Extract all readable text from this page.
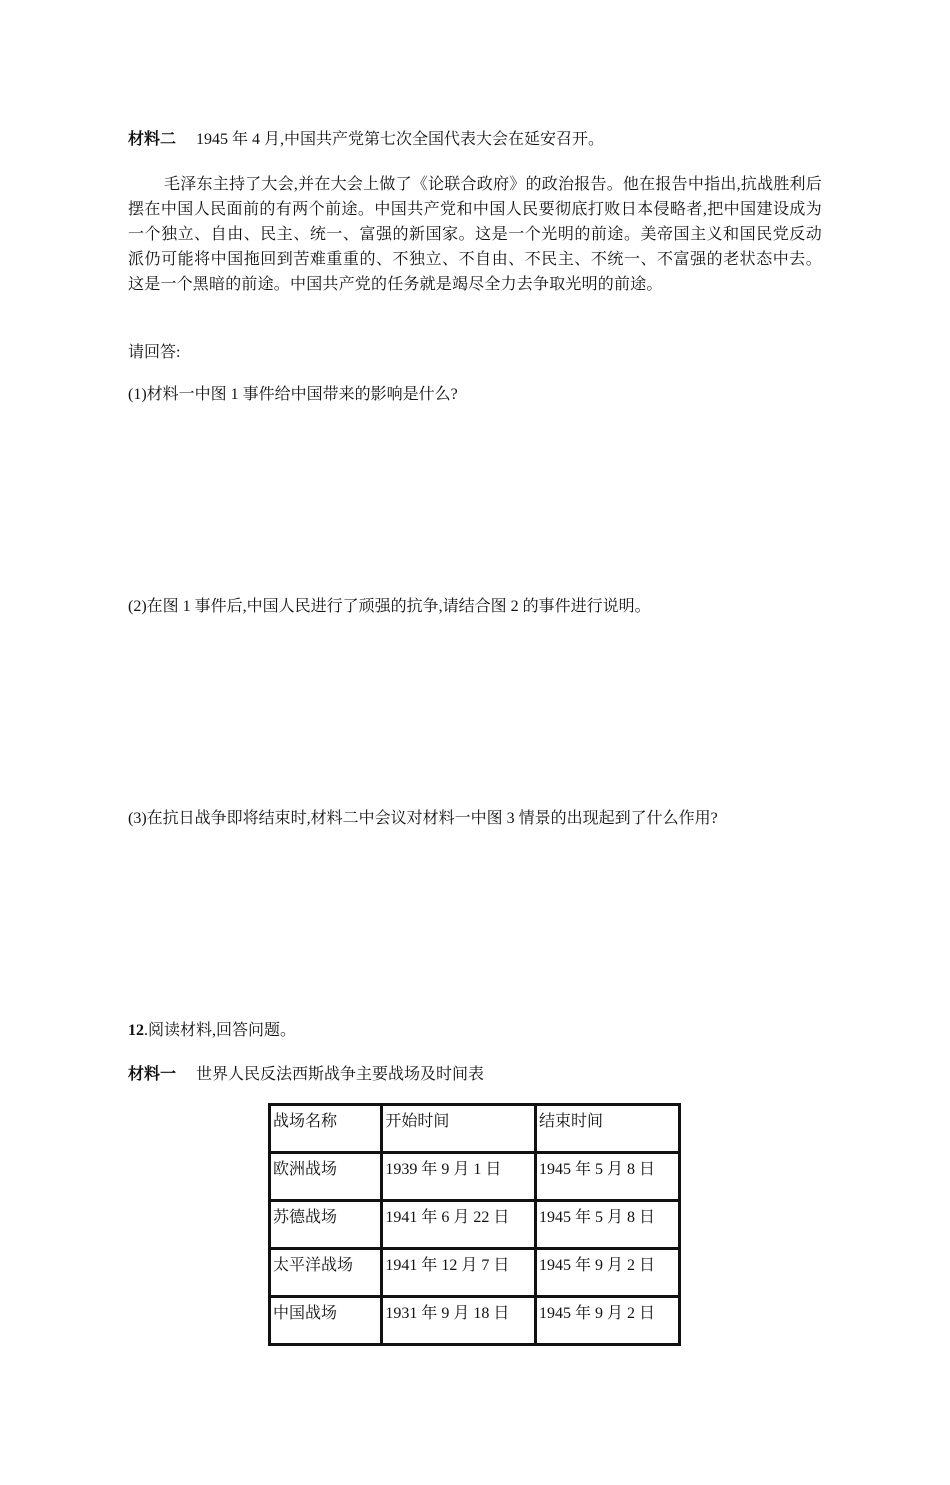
材料二 1945 年 4 月,中国共产党第七次全国代表大会在延安召开。
毛泽东主持了大会,并在大会上做了《论联合政府》的政治报告。他在报告中指出,抗战胜利后摆在中国人民面前的有两个前途。中国共产党和中国人民要彻底打败日本侵略者,把中国建设成为一个独立、自由、民主、统一、富强的新国家。这是一个光明的前途。美帝国主义和国民党反动派仍可能将中国拖回到苦难重重的、不独立、不自由、不民主、不统一、不富强的老状态中去。这是一个黑暗的前途。中国共产党的任务就是竭尽全力去争取光明的前途。
请回答:
(1)材料一中图 1 事件给中国带来的影响是什么?
(2)在图 1 事件后,中国人民进行了顽强的抗争,请结合图 2 的事件进行说明。
(3)在抗日战争即将结束时,材料二中会议对材料一中图 3 情景的出现起到了什么作用?
12.阅读材料,回答问题。
材料一 世界人民反法西斯战争主要战场及时间表
战场名称	开始时间	结束时间
欧洲战场	1939 年 9 月 1 日	1945 年 5 月 8 日
苏德战场	1941 年 6 月 22 日	1945 年 5 月 8 日
太平洋战场	1941 年 12 月 7 日	1945 年 9 月 2 日
中国战场	1931 年 9 月 18 日	1945 年 9 月 2 日
